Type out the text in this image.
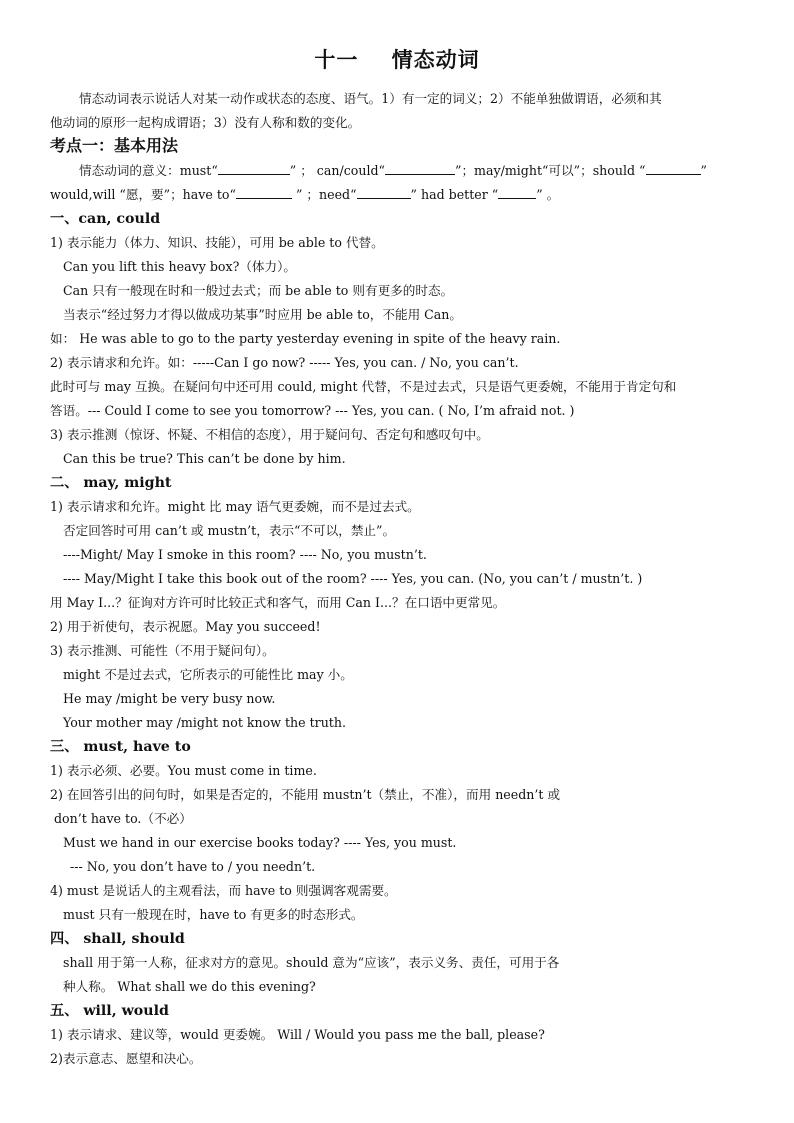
十一    情态动词
情态动词表示说话人对某一动作或状态的态度、语气。1）有一定的词义；2）不能单独做谓语，必须和其
他动词的原形一起构成谓语；3）没有人称和数的变化。
考点一：基本用法
情态动词的意义：must“	” ； can/could“	”；may/might“可以”；should “	”
would,will “愿，要”；have to“	” ；need“	” had better “	” 。
一、can, could
1) 表示能力（体力、知识、技能），可用 be able to 代替。
Can you lift this heavy box?（体力）。
Can 只有一般现在时和一般过去式；而 be able to 则有更多的时态。
当表示“经过努力才得以做成功某事”时应用 be able to，不能用 Can。
如： He was able to go to the party yesterday evening in spite of the heavy rain.
2) 表示请求和允许。如：-----Can I go now? ----- Yes, you can. / No, you can’t.
此时可与 may 互换。在疑问句中还可用 could, might 代替，不是过去式，只是语气更委婉，不能用于肯定句和
答语。--- Could I come to see you tomorrow? --- Yes, you can. ( No, I’m afraid not. )
3) 表示推测（惊讶、怀疑、不相信的态度），用于疑问句、否定句和感叹句中。
Can this be true? This can’t be done by him.
二、 may, might
1) 表示请求和允许。might 比 may 语气更委婉，而不是过去式。
否定回答时可用 can’t 或 mustn’t，表示“不可以，禁止”。
----Might/ May I smoke in this room? ---- No, you mustn’t.
---- May/Might I take this book out of the room? ---- Yes, you can. (No, you can’t / mustn’t. )
用 May I...？征询对方许可时比较正式和客气，而用 Can I...？在口语中更常见。
2) 用于祈使句，表示祝愿。May you succeed!
3) 表示推测、可能性（不用于疑问句）。
might 不是过去式，它所表示的可能性比 may 小。
He may /might be very busy now.
Your mother may /might not know the truth.
三、 must, have to
1) 表示必须、必要。You must come in time.
2) 在回答引出的问句时，如果是否定的，不能用 mustn’t（禁止，不准），而用 needn’t 或
don’t have to.（不必）
Must we hand in our exercise books today? ---- Yes, you must.
--- No, you don’t have to / you needn’t.
4) must 是说话人的主观看法，而 have to 则强调客观需要。
must 只有一般现在时，have to 有更多的时态形式。
四、 shall, should
shall 用于第一人称，征求对方的意见。should 意为“应该”，表示义务、责任，可用于各
种人称。 What shall we do this evening?
五、 will, would
1) 表示请求、建议等，would 更委婉。 Will / Would you pass me the ball, please?
2)表示意志、愿望和决心。
